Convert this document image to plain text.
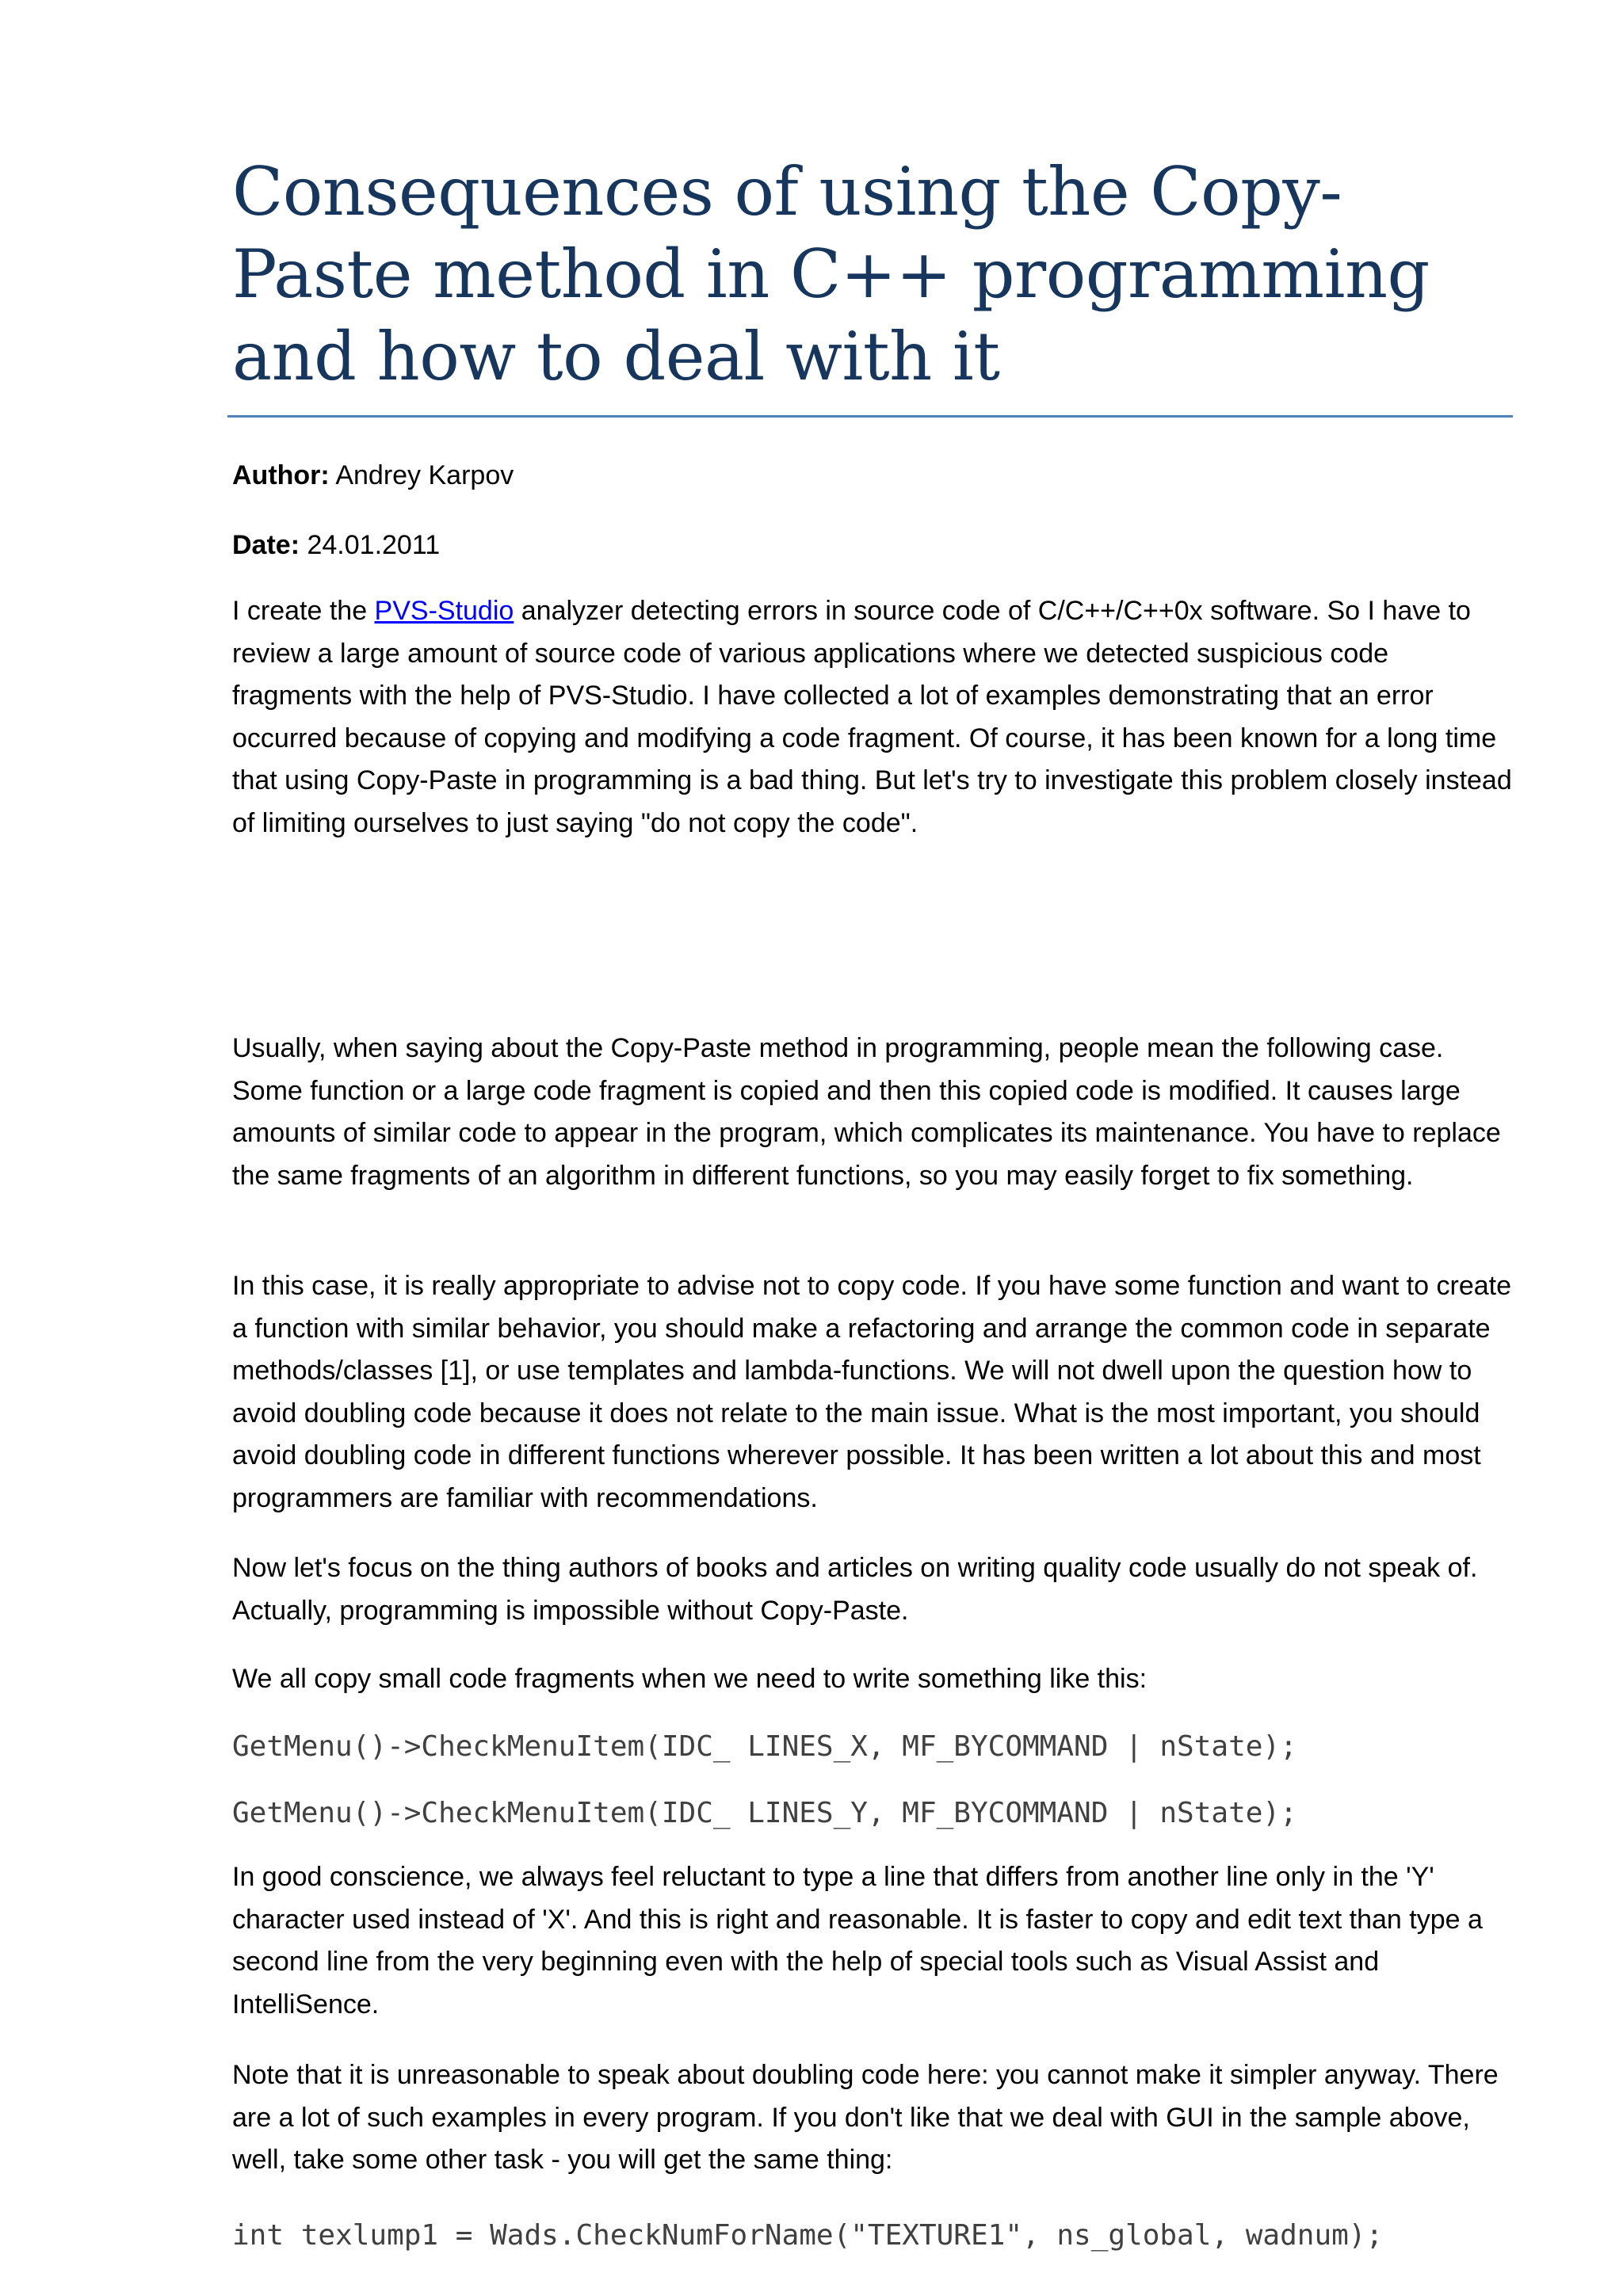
Consequences of using the Copy-Paste method in C++ programming and how to deal with it

Author: Andrey Karpov

Date: 24.01.2011

I create the PVS-Studio analyzer detecting errors in source code of C/C++/C++0x software. So I have to review a large amount of source code of various applications where we detected suspicious code fragments with the help of PVS-Studio. I have collected a lot of examples demonstrating that an error occurred because of copying and modifying a code fragment. Of course, it has been known for a long time that using Copy-Paste in programming is a bad thing. But let's try to investigate this problem closely instead of limiting ourselves to just saying "do not copy the code".

Usually, when saying about the Copy-Paste method in programming, people mean the following case. Some function or a large code fragment is copied and then this copied code is modified. It causes large amounts of similar code to appear in the program, which complicates its maintenance. You have to replace the same fragments of an algorithm in different functions, so you may easily forget to fix something.

In this case, it is really appropriate to advise not to copy code. If you have some function and want to create a function with similar behavior, you should make a refactoring and arrange the common code in separate methods/classes [1], or use templates and lambda-functions. We will not dwell upon the question how to avoid doubling code because it does not relate to the main issue. What is the most important, you should avoid doubling code in different functions wherever possible. It has been written a lot about this and most programmers are familiar with recommendations.

Now let's focus on the thing authors of books and articles on writing quality code usually do not speak of. Actually, programming is impossible without Copy-Paste.

We all copy small code fragments when we need to write something like this:

GetMenu()->CheckMenuItem(IDC_ LINES_X, MF_BYCOMMAND | nState);
GetMenu()->CheckMenuItem(IDC_ LINES_Y, MF_BYCOMMAND | nState);

In good conscience, we always feel reluctant to type a line that differs from another line only in the 'Y' character used instead of 'X'. And this is right and reasonable. It is faster to copy and edit text than type a second line from the very beginning even with the help of special tools such as Visual Assist and IntelliSence.

Note that it is unreasonable to speak about doubling code here: you cannot make it simpler anyway. There are a lot of such examples in every program. If you don't like that we deal with GUI in the sample above, well, take some other task - you will get the same thing:

int texlump1 = Wads.CheckNumForName("TEXTURE1", ns_global, wadnum);
